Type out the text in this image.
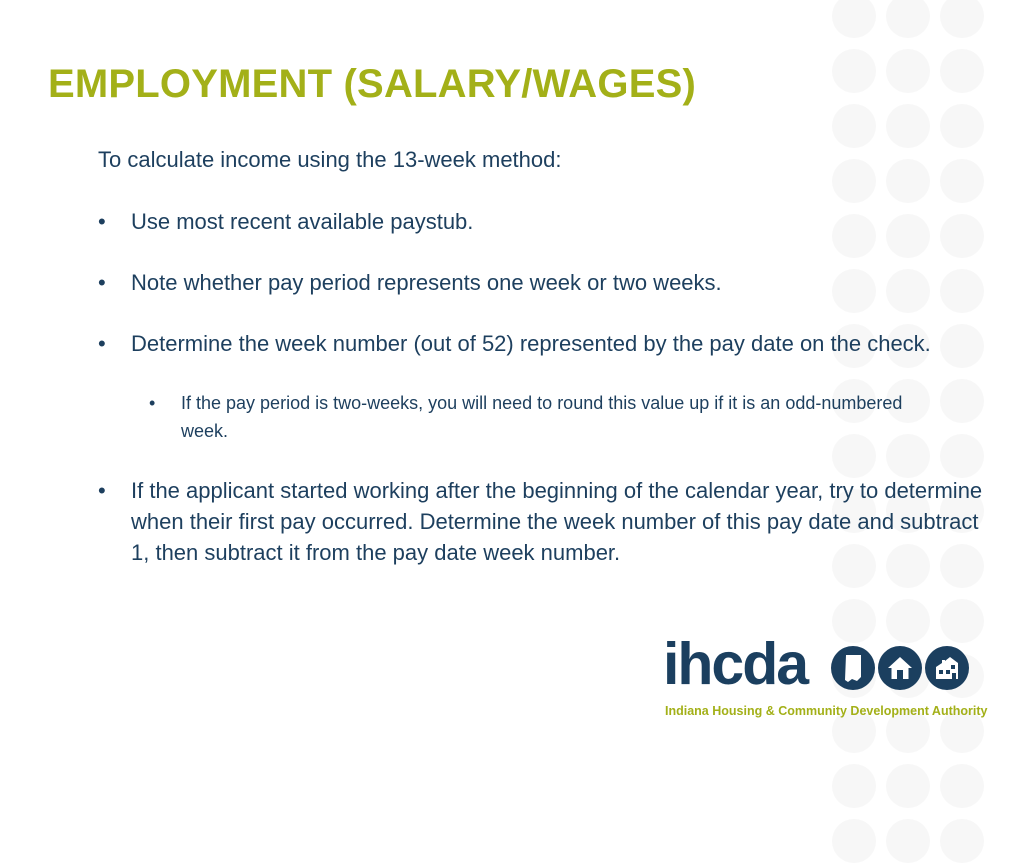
EMPLOYMENT (SALARY/WAGES)

To calculate income using the 13-week method:

• Use most recent available paystub.
• Note whether pay period represents one week or two weeks.
• Determine the week number (out of 52) represented by the pay date on the check.
• If the pay period is two-weeks, you will need to round this value up if it is an odd-numbered week.
• If the applicant started working after the beginning of the calendar year, try to determine when their first pay occurred. Determine the week number of this pay date and subtract 1, then subtract it from the pay date week number.
ihcda
Indiana Housing & Community Development Authority
